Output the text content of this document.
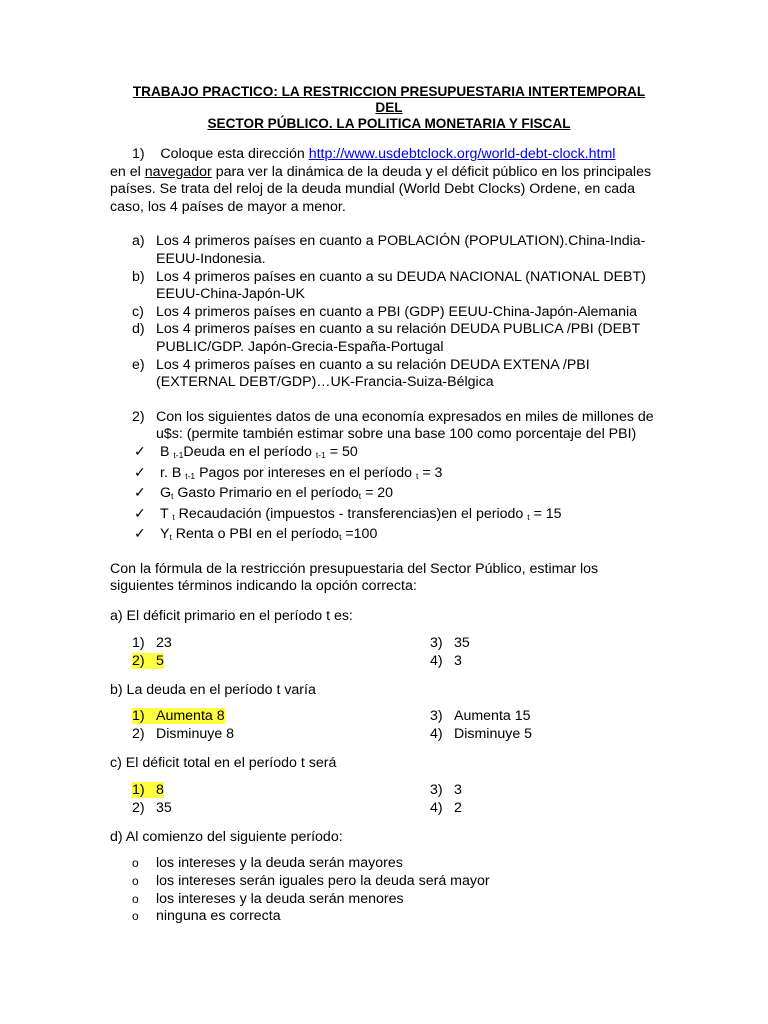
TRABAJO PRACTICO: LA RESTRICCION PRESUPUESTARIA INTERTEMPORAL DEL
SECTOR PÚBLICO. LA POLITICA MONETARIA Y FISCAL
1) Coloque esta dirección http://www.usdebtclock.org/world-debt-clock.html
en el navegador para ver la dinámica de la deuda y el déficit público en los principales países. Se trata del reloj de la deuda mundial (World Debt Clocks) Ordene, en cada caso, los 4 países de mayor a menor.
a) Los 4 primeros países en cuanto a POBLACIÓN (POPULATION).China-India-EEUU-Indonesia.
b) Los 4 primeros países en cuanto a su DEUDA NACIONAL (NATIONAL DEBT) EEUU-China-Japón-UK
c) Los 4 primeros países en cuanto a PBI (GDP) EEUU-China-Japón-Alemania
d) Los 4 primeros países en cuanto a su relación DEUDA PUBLICA /PBI (DEBT PUBLIC/GDP. Japón-Grecia-España-Portugal
e) Los 4 primeros países en cuanto a su relación DEUDA EXTENA /PBI (EXTERNAL DEBT/GDP)…UK-Francia-Suiza-Bélgica
2) Con los siguientes datos de una economía expresados en miles de millones de u$s: (permite también estimar sobre una base 100 como porcentaje del PBI)
✓ B $_{t-1}$Deuda en el período $_{t-1}$ = 50
✓ r. B $_{t-1}$ Pagos por intereses en el período $_t$ = 3
✓ $G_t$ Gasto Primario en el período$_t$ = 20
✓ T $_t$ Recaudación (impuestos - transferencias)en el periodo $_t$ = 15
✓ $Y_t$ Renta o PBI en el período$_t$ =100
Con la fórmula de la restricción presupuestaria del Sector Público, estimar los siguientes términos indicando la opción correcta:
a) El déficit primario en el período t es:
1) 23
2) 5
3) 35
4) 3
b) La deuda en el período t varía
1) Aumenta 8
2) Disminuye 8
3) Aumenta 15
4) Disminuye 5
c) El déficit total en el período t será
1) 8
2) 35
3) 3
4) 2
d) Al comienzo del siguiente período:
o los intereses y la deuda serán mayores
o los intereses serán iguales pero la deuda será mayor
o los intereses y la deuda serán menores
o ninguna es correcta
